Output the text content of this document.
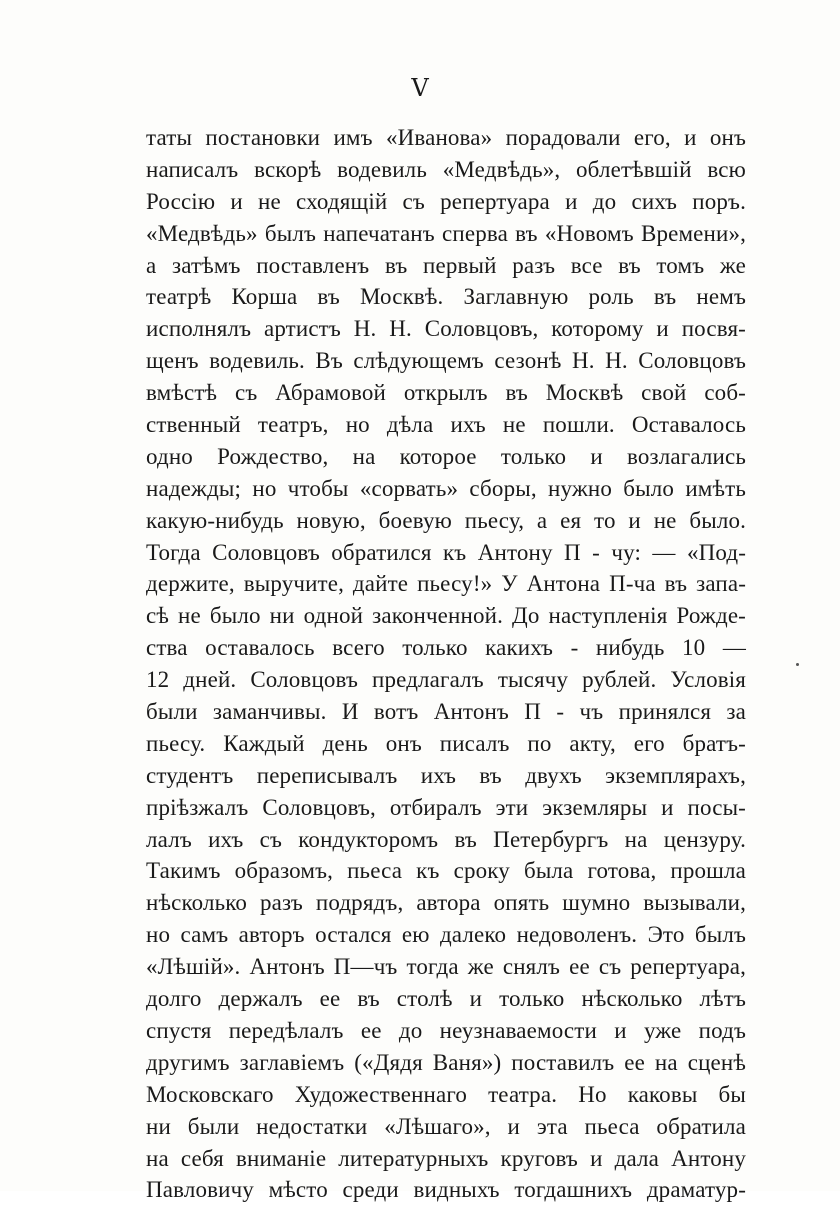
V
таты постановки имъ «Иванова» порадовали его, и онъ
написалъ вскорѣ водевиль «Медвѣдь», облетѣвшій всю
Россію и не сходящій съ репертуара и до сихъ поръ.
«Медвѣдь» былъ напечатанъ сперва въ «Новомъ Времени»,
а затѣмъ поставленъ въ первый разъ все въ томъ же
театрѣ Корша въ Москвѣ. Заглавную роль въ немъ
исполнялъ артистъ Н. Н. Соловцовъ, которому и посвя-
щенъ водевиль. Въ слѣдующемъ сезонѣ Н. Н. Соловцовъ
вмѣстѣ съ Абрамовой открылъ въ Москвѣ свой соб-
ственный театръ, но дѣла ихъ не пошли. Оставалось
одно Рождество, на которое только и возлагались
надежды; но чтобы «сорвать» сборы, нужно было имѣть
какую-нибудь новую, боевую пьесу, а ея то и не было.
Тогда Соловцовъ обратился къ Антону П - чу: — «Под-
держите, выручите, дайте пьесу!» У Антона П-ча въ запа-
сѣ не было ни одной законченной. До наступленія Рожде-
ства оставалось всего только какихъ - нибудь 10 —
12 дней. Соловцовъ предлагалъ тысячу рублей. Условія
были заманчивы. И вотъ Антонъ П - чъ принялся за
пьесу. Каждый день онъ писалъ по акту, его братъ-
студентъ переписывалъ ихъ въ двухъ экземплярахъ,
пріѣзжалъ Соловцовъ, отбиралъ эти экземляры и посы-
лалъ ихъ съ кондукторомъ въ Петербургъ на цензуру.
Такимъ образомъ, пьеса къ сроку была готова, прошла
нѣсколько разъ подрядъ, автора опять шумно вызывали,
но самъ авторъ остался ею далеко недоволенъ. Это былъ
«Лѣшій». Антонъ П—чъ тогда же снялъ ее съ репертуара,
долго держалъ ее въ столѣ и только нѣсколько лѣтъ
спустя передѣлалъ ее до неузнаваемости и уже подъ
другимъ заглавіемъ («Дядя Ваня») поставилъ ее на сценѣ
Московскаго Художественнаго театра. Но каковы бы
ни были недостатки «Лѣшаго», и эта пьеса обратила
на себя вниманіе литературныхъ круговъ и дала Антону
Павловичу мѣсто среди видныхъ тогдашнихъ драматур-
